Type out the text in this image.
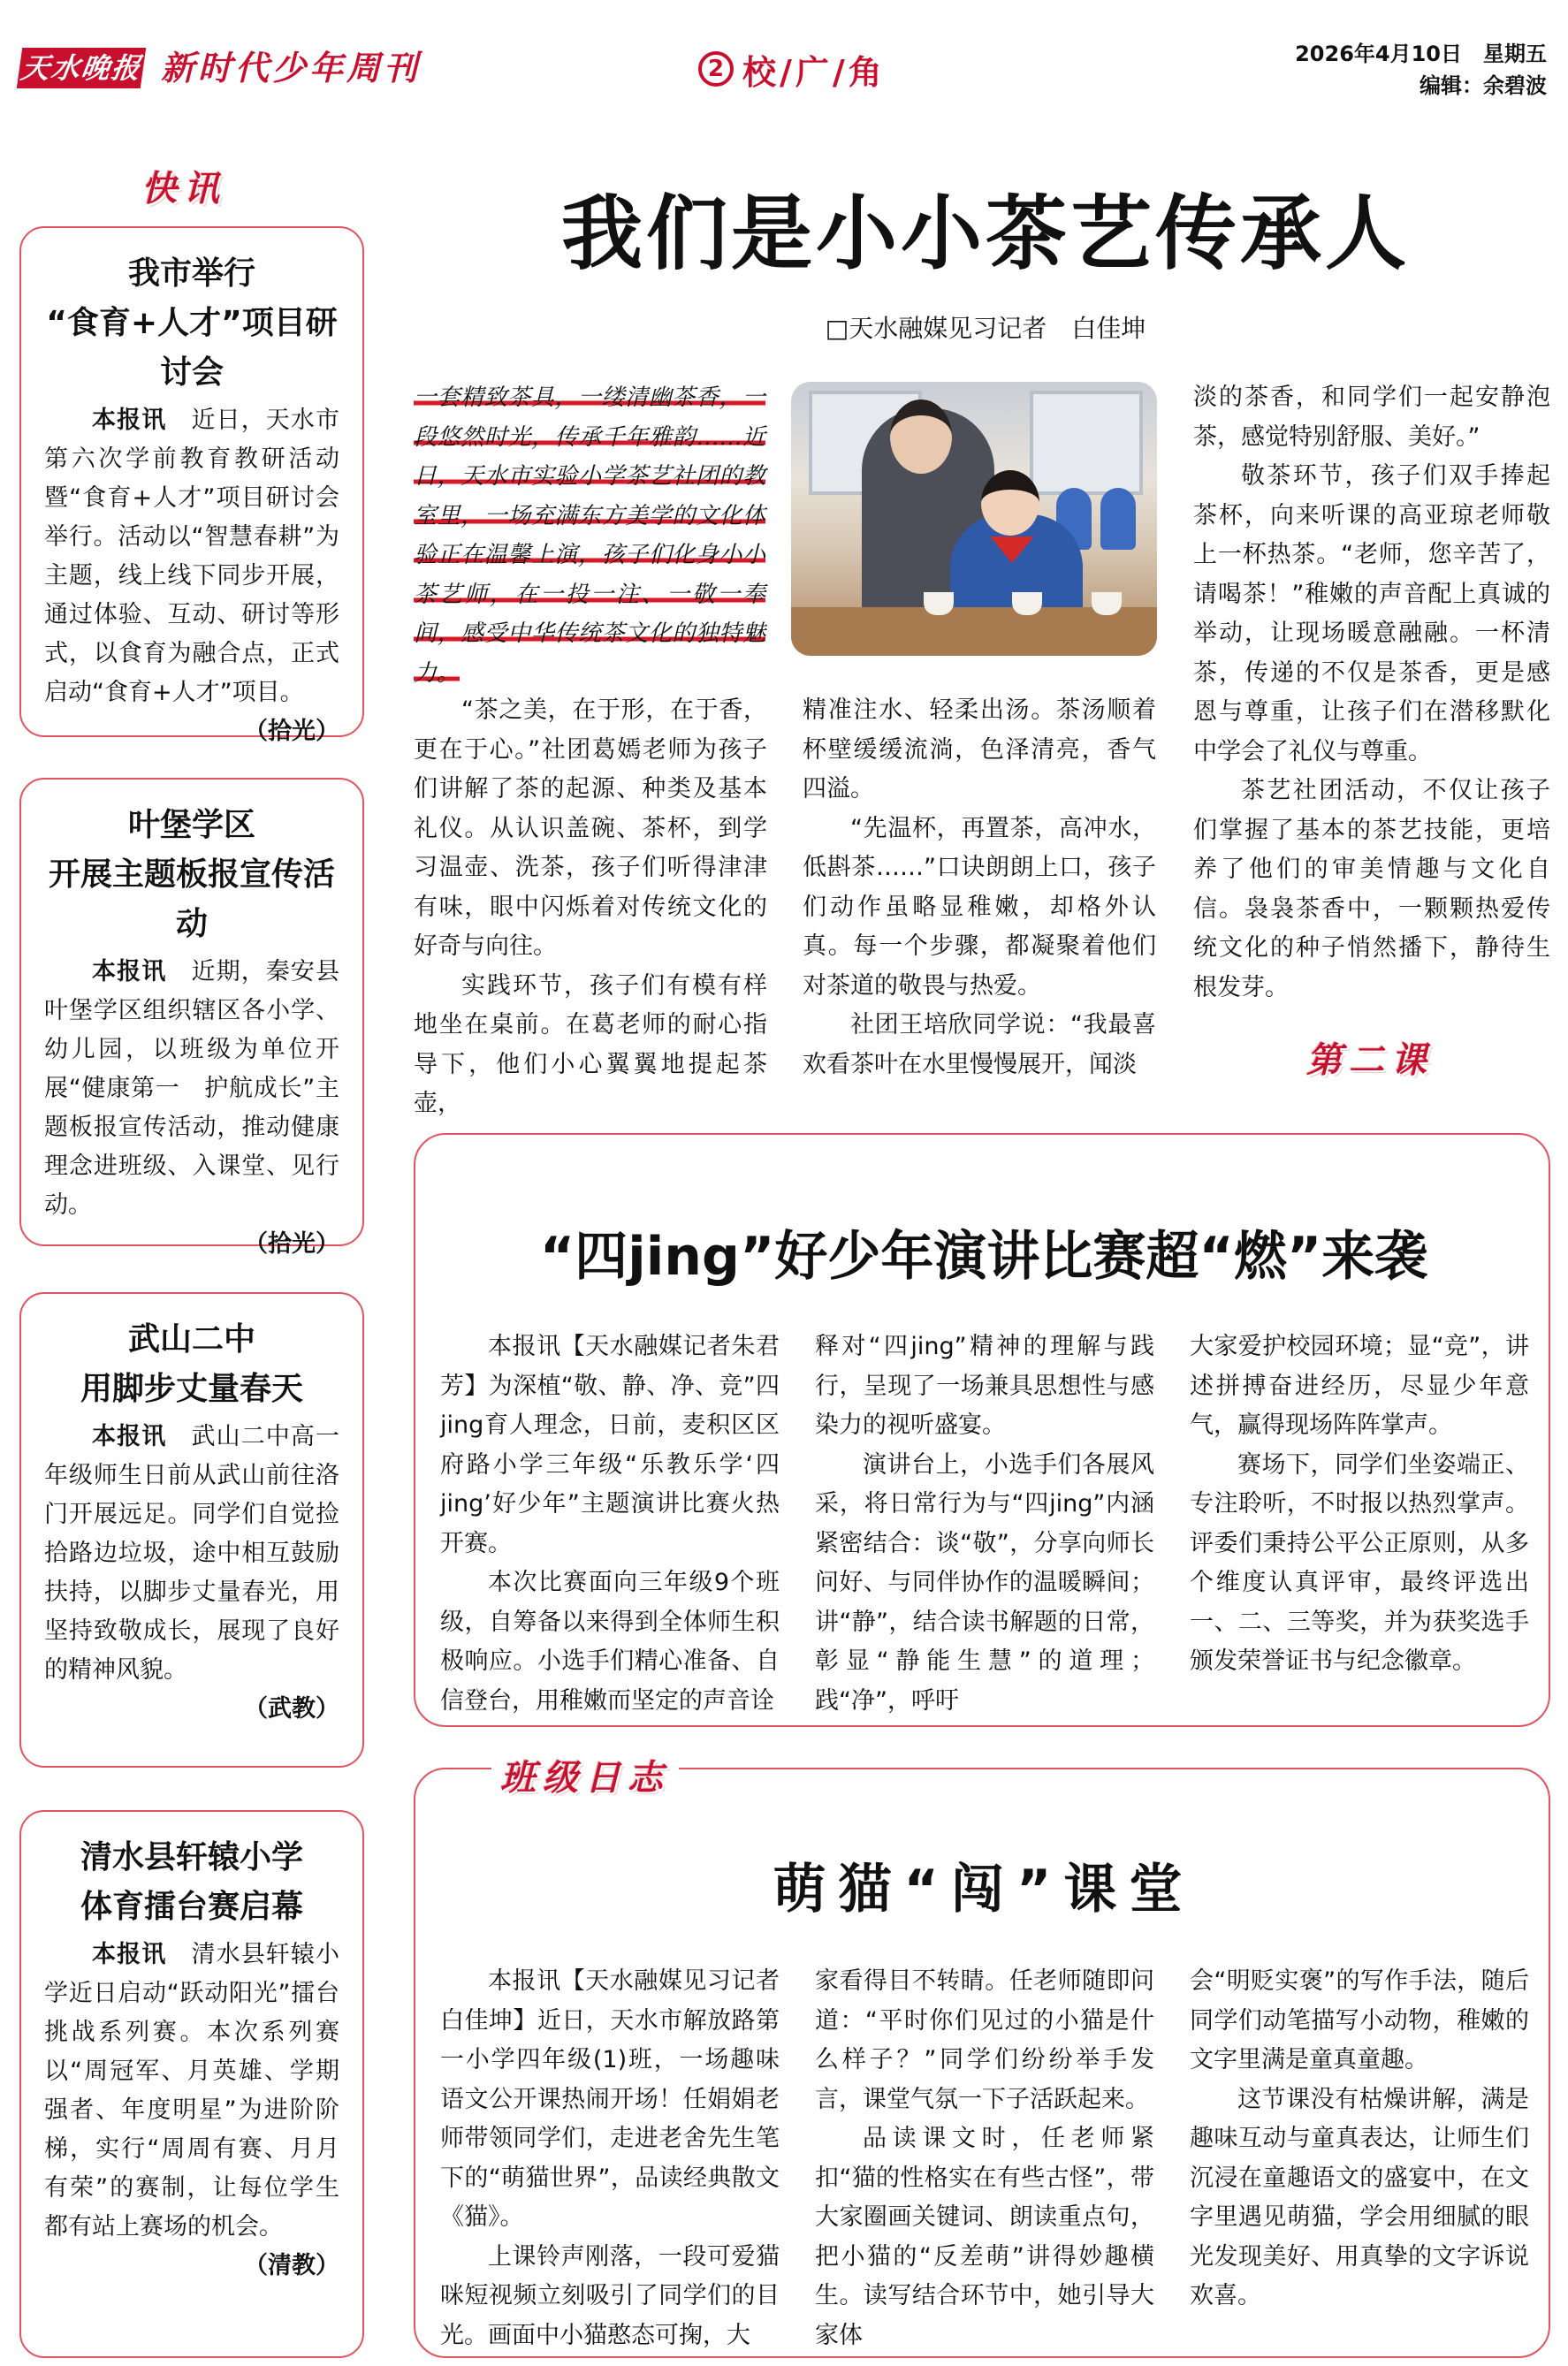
天水晚报 新时代少年周刊	2 校/广/角	2026年4月10日　星期五
编辑：余碧波
快讯
我市举行
“食育+人才”项目研讨会
本报讯　 近日，天水市第六次学前教育教研活动暨“食育+人才”项目研讨会举行。活动以“智慧春耕”为主题，线上线下同步开展，通过体验、互动、研讨等形式，以食育为融合点，正式启动“食育+人才”项目。
（拾光）
叶堡学区
开展主题板报宣传活动
本报讯　 近期，秦安县叶堡学区组织辖区各小学、幼儿园，以班级为单位开展“健康第一　护航成长”主题板报宣传活动，推动健康理念进班级、入课堂、见行动。
（拾光）
武山二中
用脚步丈量春天
本报讯　 武山二中高一年级师生日前从武山前往洛门开展远足。同学们自觉捡拾路边垃圾，途中相互鼓励扶持，以脚步丈量春光，用坚持致敬成长，展现了良好的精神风貌。
（武教）
清水县轩辕小学
体育擂台赛启幕
本报讯　 清水县轩辕小学近日启动“跃动阳光”擂台挑战系列赛。本次系列赛以“周冠军、月英雄、学期强者、年度明星”为进阶阶梯，实行“周周有赛、月月有荣”的赛制，让每位学生都有站上赛场的机会。
（清教）
我们是小小茶艺传承人
□天水融媒见习记者　白佳坤
一套精致茶具，一缕清幽茶香，一段悠然时光，传承千年雅韵……近日，天水市实验小学茶艺社团的教室里，一场充满东方美学的文化体验正在温馨上演，孩子们化身小小茶艺师，在一投一注、一敬一奉间，感受中华传统茶文化的独特魅力。

“茶之美，在于形，在于香，更在于心。”社团葛嫣老师为孩子们讲解了茶的起源、种类及基本礼仪。从认识盖碗、茶杯，到学习温壶、洗茶，孩子们听得津津有味，眼中闪烁着对传统文化的好奇与向往。

实践环节，孩子们有模有样地坐在桌前。在葛老师的耐心指导下，他们小心翼翼地提起茶壶，

精准注水、轻柔出汤。茶汤顺着杯壁缓缓流淌，色泽清亮，香气四溢。

“先温杯，再置茶，高冲水，低斟茶……”口诀朗朗上口，孩子们动作虽略显稚嫩，却格外认真。每一个步骤，都凝聚着他们对茶道的敬畏与热爱。

社团王培欣同学说：“我最喜欢看茶叶在水里慢慢展开，闻淡

淡的茶香，和同学们一起安静泡茶，感觉特别舒服、美好。”

敬茶环节，孩子们双手捧起茶杯，向来听课的高亚琼老师敬上一杯热茶。“老师，您辛苦了，请喝茶！”稚嫩的声音配上真诚的举动，让现场暖意融融。一杯清茶，传递的不仅是茶香，更是感恩与尊重，让孩子们在潜移默化中学会了礼仪与尊重。

茶艺社团活动，不仅让孩子们掌握了基本的茶艺技能，更培养了他们的审美情趣与文化自信。袅袅茶香中，一颗颗热爱传统文化的种子悄然播下，静待生根发芽。

第二课
“四jing”好少年演讲比赛超“燃”来袭

本报讯【天水融媒记者朱君芳】为深植“敬、静、净、竞”四jing育人理念，日前，麦积区区府路小学三年级“乐教乐学‘四jing’好少年”主题演讲比赛火热开赛。

本次比赛面向三年级9个班级，自筹备以来得到全体师生积极响应。小选手们精心准备、自信登台，用稚嫩而坚定的声音诠

释对“四jing”精神的理解与践行，呈现了一场兼具思想性与感染力的视听盛宴。

演讲台上，小选手们各展风采，将日常行为与“四jing”内涵紧密结合：谈“敬”，分享向师长问好、与同伴协作的温暖瞬间；讲“静”，结合读书解题的日常，彰显“静能生慧”的道理；践“净”，呼吁

大家爱护校园环境；显“竞”，讲述拼搏奋进经历，尽显少年意气，赢得现场阵阵掌声。

赛场下，同学们坐姿端正、专注聆听，不时报以热烈掌声。评委们秉持公平公正原则，从多个维度认真评审，最终评选出一、二、三等奖，并为获奖选手颁发荣誉证书与纪念徽章。

萌猫“闯”课堂

本报讯【天水融媒见习记者白佳坤】近日，天水市解放路第一小学四年级(1)班，一场趣味语文公开课热闹开场！任娟娟老师带领同学们，走进老舍先生笔下的“萌猫世界”，品读经典散文《猫》。

上课铃声刚落，一段可爱猫咪短视频立刻吸引了同学们的目光。画面中小猫憨态可掬，大

家看得目不转睛。任老师随即问道：“平时你们见过的小猫是什么样子？”同学们纷纷举手发言，课堂气氛一下子活跃起来。

品读课文时，任老师紧扣“猫的性格实在有些古怪”，带大家圈画关键词、朗读重点句，把小猫的“反差萌”讲得妙趣横生。读写结合环节中，她引导大家体

会“明贬实褒”的写作手法，随后同学们动笔描写小动物，稚嫩的文字里满是童真童趣。

这节课没有枯燥讲解，满是趣味互动与童真表达，让师生们沉浸在童趣语文的盛宴中，在文字里遇见萌猫，学会用细腻的眼光发现美好、用真挚的文字诉说欢喜。

班级日志
